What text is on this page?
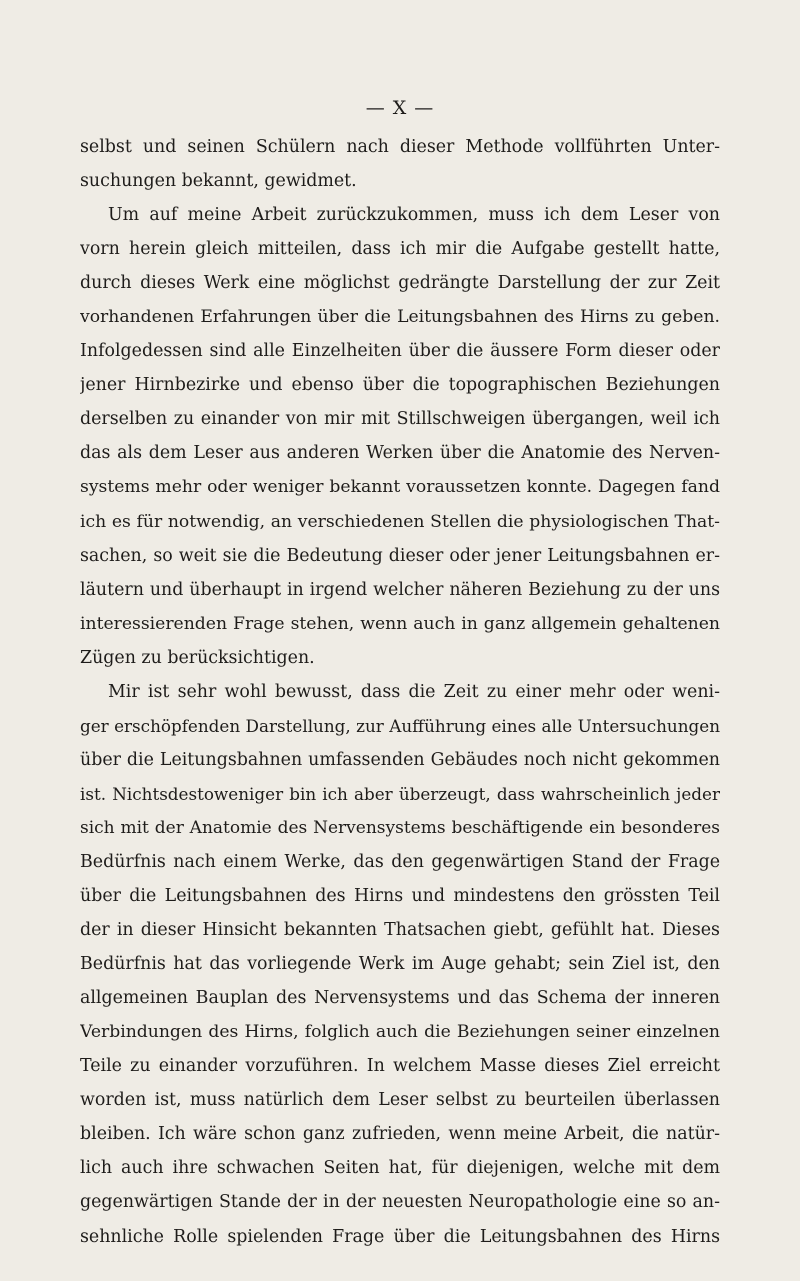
— X —
selbst und seinen Schülern nach dieser Methode vollführten Unter-
suchungen bekannt, gewidmet.
Um auf meine Arbeit zurückzukommen, muss ich dem Leser von
vorn herein gleich mitteilen, dass ich mir die Aufgabe gestellt hatte,
durch dieses Werk eine möglichst gedrängte Darstellung der zur Zeit
vorhandenen Erfahrungen über die Leitungsbahnen des Hirns zu geben.
Infolgedessen sind alle Einzelheiten über die äussere Form dieser oder
jener Hirnbezirke und ebenso über die topographischen Beziehungen
derselben zu einander von mir mit Stillschweigen übergangen, weil ich
das als dem Leser aus anderen Werken über die Anatomie des Nerven-
systems mehr oder weniger bekannt voraussetzen konnte. Dagegen fand
ich es für notwendig, an verschiedenen Stellen die physiologischen That-
sachen, so weit sie die Bedeutung dieser oder jener Leitungsbahnen er-
läutern und überhaupt in irgend welcher näheren Beziehung zu der uns
interessierenden Frage stehen, wenn auch in ganz allgemein gehaltenen
Zügen zu berücksichtigen.
Mir ist sehr wohl bewusst, dass die Zeit zu einer mehr oder weni-
ger erschöpfenden Darstellung, zur Aufführung eines alle Untersuchungen
über die Leitungsbahnen umfassenden Gebäudes noch nicht gekommen
ist. Nichtsdestoweniger bin ich aber überzeugt, dass wahrscheinlich jeder
sich mit der Anatomie des Nervensystems beschäftigende ein besonderes
Bedürfnis nach einem Werke, das den gegenwärtigen Stand der Frage
über die Leitungsbahnen des Hirns und mindestens den grössten Teil
der in dieser Hinsicht bekannten Thatsachen giebt, gefühlt hat. Dieses
Bedürfnis hat das vorliegende Werk im Auge gehabt; sein Ziel ist, den
allgemeinen Bauplan des Nervensystems und das Schema der inneren
Verbindungen des Hirns, folglich auch die Beziehungen seiner einzelnen
Teile zu einander vorzuführen. In welchem Masse dieses Ziel erreicht
worden ist, muss natürlich dem Leser selbst zu beurteilen überlassen
bleiben. Ich wäre schon ganz zufrieden, wenn meine Arbeit, die natür-
lich auch ihre schwachen Seiten hat, für diejenigen, welche mit dem
gegenwärtigen Stande der in der neuesten Neuropathologie eine so an-
sehnliche Rolle spielenden Frage über die Leitungsbahnen des Hirns
